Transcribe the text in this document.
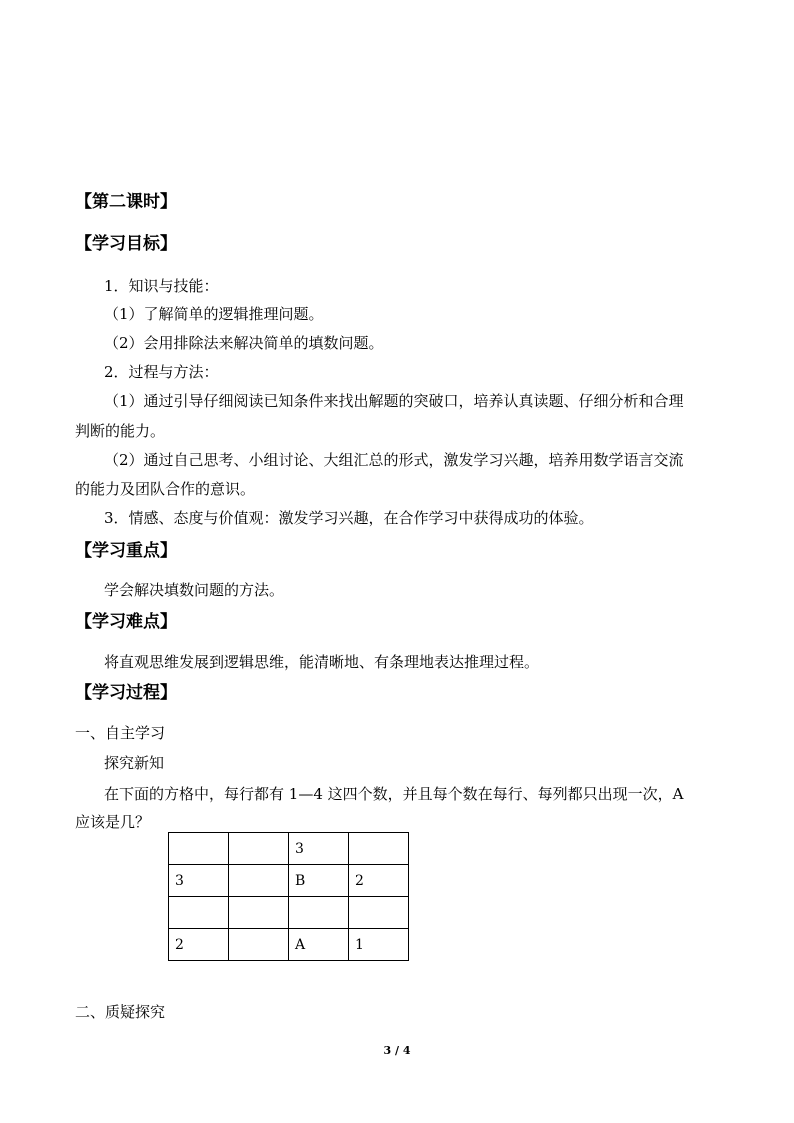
【第二课时】
【学习目标】
1．知识与技能：
（1）了解简单的逻辑推理问题。
（2）会用排除法来解决简单的填数问题。
2．过程与方法：
（1）通过引导仔细阅读已知条件来找出解题的突破口，培养认真读题、仔细分析和合理
判断的能力。
（2）通过自己思考、小组讨论、大组汇总的形式，激发学习兴趣，培养用数学语言交流
的能力及团队合作的意识。
3．情感、态度与价值观：激发学习兴趣，在合作学习中获得成功的体验。
【学习重点】
学会解决填数问题的方法。
【学习难点】
将直观思维发展到逻辑思维，能清晰地、有条理地表达推理过程。
【学习过程】
一、自主学习
探究新知
在下面的方格中，每行都有 1—4 这四个数，并且每个数在每行、每列都只出现一次，A
应该是几？
		3	
3		B	2

2		A	1
二、质疑探究
3 / 4
